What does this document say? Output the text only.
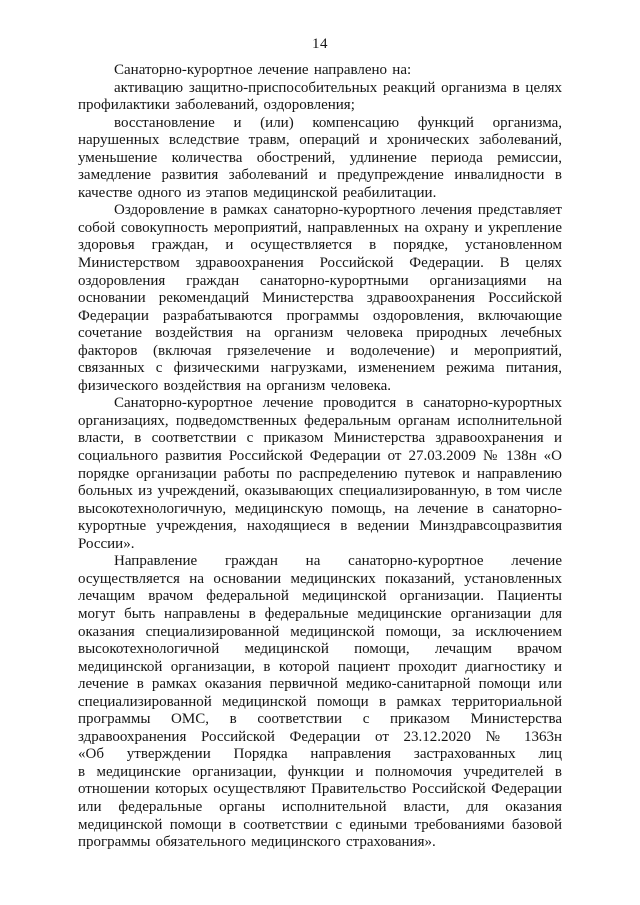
14

Санаторно-курортное лечение направлено на:

активацию защитно-приспособительных реакций организма в целях профилактики заболеваний, оздоровления;

восстановление и (или) компенсацию функций организма, нарушенных вследствие травм, операций и хронических заболеваний, уменьшение количества обострений, удлинение периода ремиссии, замедление развития заболеваний и предупреждение инвалидности в качестве одного из этапов медицинской реабилитации.

Оздоровление в рамках санаторно-курортного лечения представляет собой совокупность мероприятий, направленных на охрану и укрепление здоровья граждан, и осуществляется в порядке, установленном Министерством здравоохранения Российской Федерации. В целях оздоровления граждан санаторно-курортными организациями на основании рекомендаций Министерства здравоохранения Российской Федерации разрабатываются программы оздоровления, включающие сочетание воздействия на организм человека природных лечебных факторов (включая грязелечение и водолечение) и мероприятий, связанных с физическими нагрузками, изменением режима питания, физического воздействия на организм человека.

Санаторно-курортное лечение проводится в санаторно-курортных организациях, подведомственных федеральным органам исполнительной власти, в соответствии с приказом Министерства здравоохранения и социального развития Российской Федерации от 27.03.2009 № 138н «О порядке организации работы по распределению путевок и направлению больных из учреждений, оказывающих специализированную, в том числе высокотехнологичную, медицинскую помощь, на лечение в санаторно-курортные учреждения, находящиеся в ведении Минздравсоцразвития России».

Направление граждан на санаторно-курортное лечение осуществляется на основании медицинских показаний, установленных лечащим врачом федеральной медицинской организации. Пациенты могут быть направлены в федеральные медицинские организации для оказания специализированной медицинской помощи, за исключением высокотехнологичной медицинской помощи, лечащим врачом медицинской организации, в которой пациент проходит диагностику и лечение в рамках оказания первичной медико-санитарной помощи или специализированной медицинской помощи в рамках территориальной программы ОМС, в соответствии с приказом Министерства здравоохранения Российской Федерации от 23.12.2020 № 1363н «Об утверждении Порядка направления застрахованных лиц в медицинские организации, функции и полномочия учредителей в отношении которых осуществляют Правительство Российской Федерации или федеральные органы исполнительной власти, для оказания медицинской помощи в соответствии с едиными требованиями базовой программы обязательного медицинского страхования».
